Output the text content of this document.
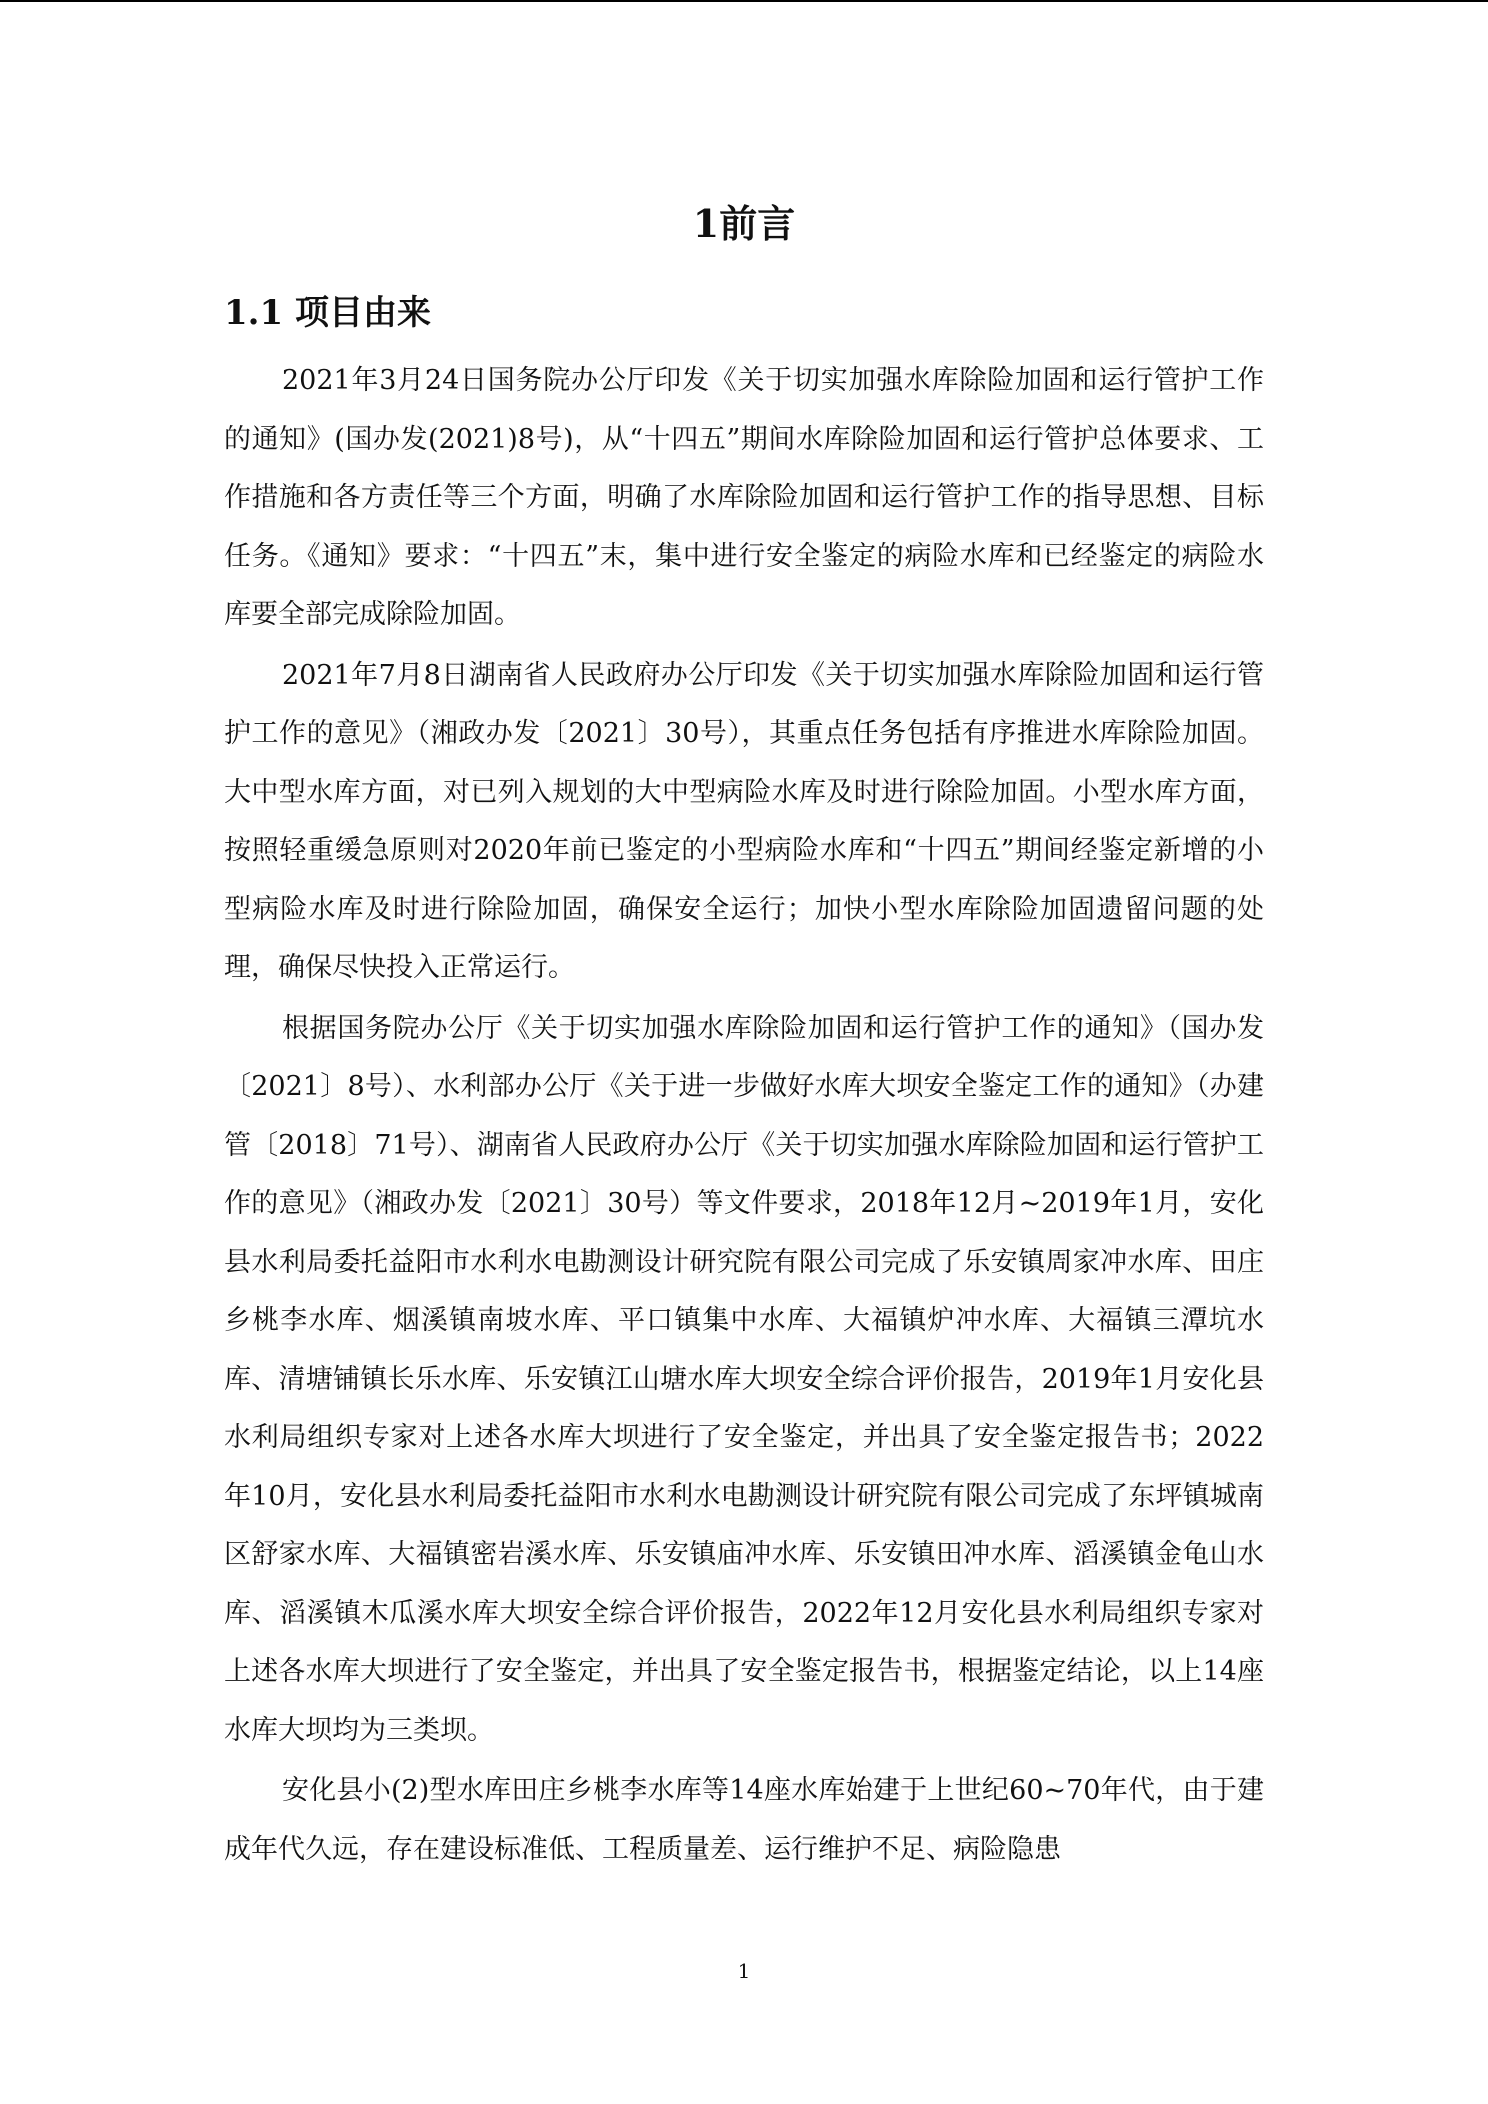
1前言
1.1 项目由来

2021年3月24日国务院办公厅印发《关于切实加强水库除险加固和运行管护工作的通知》(国办发(2021)8号)，从“十四五”期间水库除险加固和运行管护总体要求、工作措施和各方责任等三个方面，明确了水库除险加固和运行管护工作的指导思想、目标任务。《通知》要求：“十四五”末，集中进行安全鉴定的病险水库和已经鉴定的病险水库要全部完成除险加固。

2021年7月8日湖南省人民政府办公厅印发《关于切实加强水库除险加固和运行管护工作的意见》（湘政办发〔2021〕30号），其重点任务包括有序推进水库除险加固。大中型水库方面，对已列入规划的大中型病险水库及时进行除险加固。小型水库方面，按照轻重缓急原则对2020年前已鉴定的小型病险水库和“十四五”期间经鉴定新增的小型病险水库及时进行除险加固，确保安全运行；加快小型水库除险加固遗留问题的处理，确保尽快投入正常运行。

根据国务院办公厅《关于切实加强水库除险加固和运行管护工作的通知》（国办发〔2021〕8号）、水利部办公厅《关于进一步做好水库大坝安全鉴定工作的通知》（办建管〔2018〕71号）、湖南省人民政府办公厅《关于切实加强水库除险加固和运行管护工作的意见》（湘政办发〔2021〕30号）等文件要求，2018年12月~2019年1月，安化县水利局委托益阳市水利水电勘测设计研究院有限公司完成了乐安镇周家冲水库、田庄乡桃李水库、烟溪镇南坡水库、平口镇集中水库、大福镇炉冲水库、大福镇三潭坑水库、清塘铺镇长乐水库、乐安镇江山塘水库大坝安全综合评价报告，2019年1月安化县水利局组织专家对上述各水库大坝进行了安全鉴定，并出具了安全鉴定报告书；2022年10月，安化县水利局委托益阳市水利水电勘测设计研究院有限公司完成了东坪镇城南区舒家水库、大福镇密岩溪水库、乐安镇庙冲水库、乐安镇田冲水库、滔溪镇金龟山水库、滔溪镇木瓜溪水库大坝安全综合评价报告，2022年12月安化县水利局组织专家对上述各水库大坝进行了安全鉴定，并出具了安全鉴定报告书，根据鉴定结论，以上14座水库大坝均为三类坝。

安化县小(2)型水库田庄乡桃李水库等14座水库始建于上世纪60~70年代，由于建成年代久远，存在建设标准低、工程质量差、运行维护不足、病险隐患

1
